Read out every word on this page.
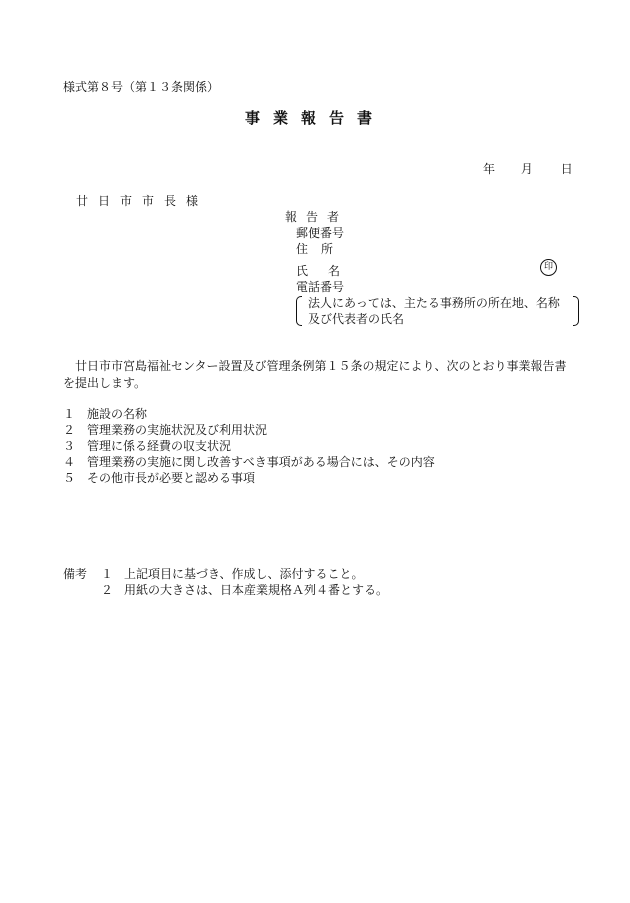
様式第８号（第１３条関係）
事業報告書
年 月 日
廿日市市長様
報告者
郵便番号
住所
氏名	印
電話番号
法人にあっては、主たる事務所の所在地、名称
及び代表者の氏名
廿日市市宮島福祉センター設置及び管理条例第１５条の規定により、次のとおり事業報告書を提出します。
１ 施設の名称
２ 管理業務の実施状況及び利用状況
３ 管理に係る経費の収支状況
４ 管理業務の実施に関し改善すべき事項がある場合には、その内容
５ その他市長が必要と認める事項
備考 １ 上記項目に基づき、作成し、添付すること。
２ 用紙の大きさは、日本産業規格Ａ列４番とする。
